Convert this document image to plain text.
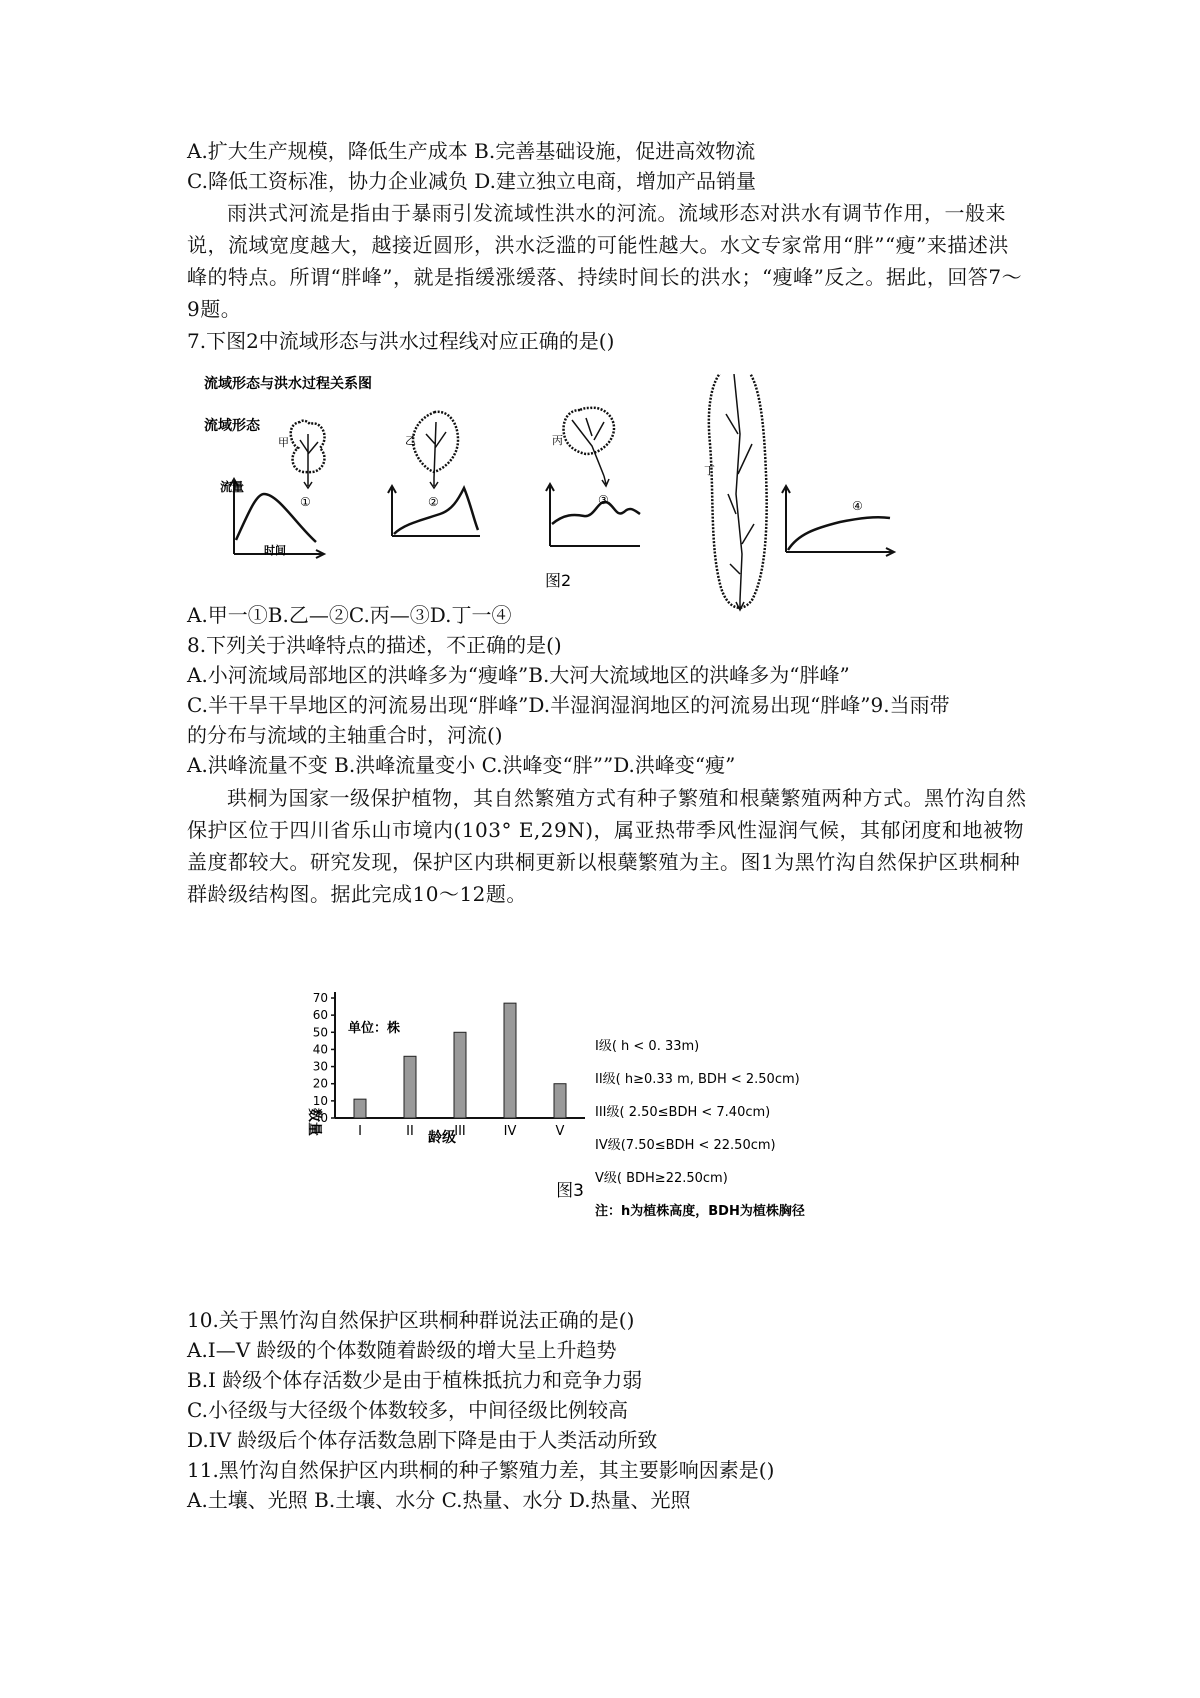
A.扩大生产规模，降低生产成本 B.完善基础设施，促进高效物流
C.降低工资标准，协力企业减负 D.建立独立电商，增加产品销量
雨洪式河流是指由于暴雨引发流域性洪水的河流。流域形态对洪水有调节作用，一般来说，流域宽度越大，越接近圆形，洪水泛滥的可能性越大。水文专家常用“胖”“瘦”来描述洪峰的特点。所谓“胖峰”，就是指缓涨缓落、持续时间长的洪水；“瘦峰”反之。据此，回答7～9题。
7.下图2中流域形态与洪水过程线对应正确的是()
流域形态与洪水过程关系图
流域形态
甲
流量
时间
①
乙
②
丙
③
丁
④
图2
A.甲一①B.乙—②C.丙—③D.丁一④
8.下列关于洪峰特点的描述，不正确的是()
A.小河流域局部地区的洪峰多为“瘦峰”B.大河大流域地区的洪峰多为“胖峰”
C.半干旱干旱地区的河流易出现“胖峰”D.半湿润湿润地区的河流易出现“胖峰”9.当雨带
的分布与流域的主轴重合时，河流()
A.洪峰流量不变 B.洪峰流量变小 C.洪峰变“胖””D.洪峰变“瘦”
珙桐为国家一级保护植物，其自然繁殖方式有种子繁殖和根蘖繁殖两种方式。黑竹沟自然保护区位于四川省乐山市境内(103° E,29N)，属亚热带季风性湿润气候，其郁闭度和地被物盖度都较大。研究发现，保护区内珙桐更新以根蘖繁殖为主。图1为黑竹沟自然保护区珙桐种群龄级结构图。据此完成10～12题。
0
10
20
30
40
50
60
70
I	II	III	IV	V
单位：株
龄级
数量
I级( h < 0. 33m)
II级( h≥0.33 m, BDH < 2.50cm)
III级( 2.50≤BDH < 7.40cm)
IV级(7.50≤BDH < 22.50cm)
V级( BDH≥22.50cm)
注：h为植株高度，BDH为植株胸径
图3
10.关于黑竹沟自然保护区珙桐种群说法正确的是()
A.I—V 龄级的个体数随着龄级的增大呈上升趋势
B.I 龄级个体存活数少是由于植株抵抗力和竞争力弱
C.小径级与大径级个体数较多，中间径级比例较高
D.IV 龄级后个体存活数急剧下降是由于人类活动所致
11.黑竹沟自然保护区内珙桐的种子繁殖力差，其主要影响因素是()
A.土壤、光照 B.土壤、水分 C.热量、水分 D.热量、光照
